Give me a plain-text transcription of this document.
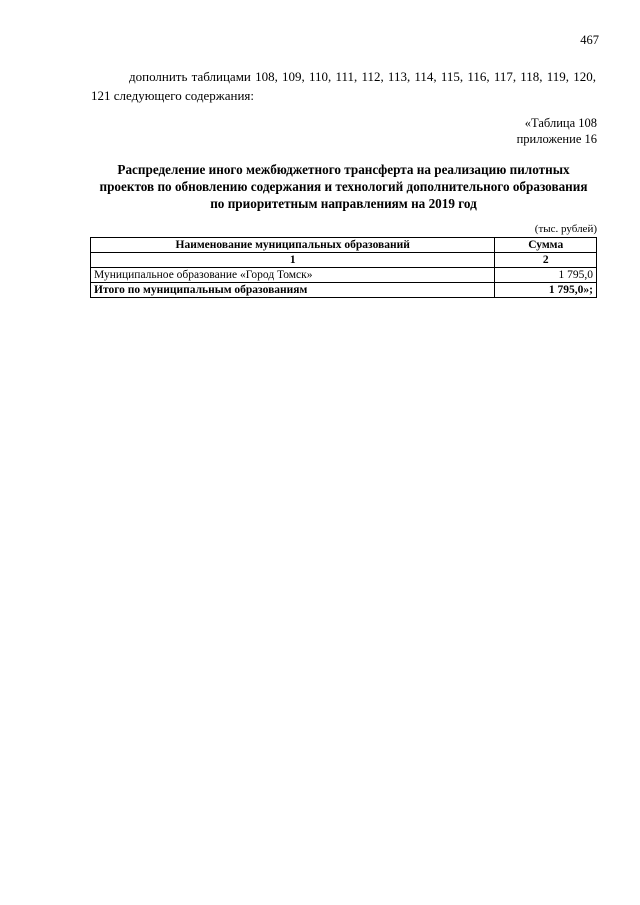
467

дополнить таблицами 108, 109, 110, 111, 112, 113, 114, 115, 116, 117, 118, 119, 120, 121 следующего содержания:

«Таблица 108
приложение 16

Распределение иного межбюджетного трансферта на реализацию пилотных проектов по обновлению содержания и технологий дополнительного образования по приоритетным направлениям на 2019 год

(тыс. рублей)
Наименование муниципальных образований	Сумма
1	2
Муниципальное образование «Город Томск»	1 795,0
Итого по муниципальным образованиям	1 795,0»;
